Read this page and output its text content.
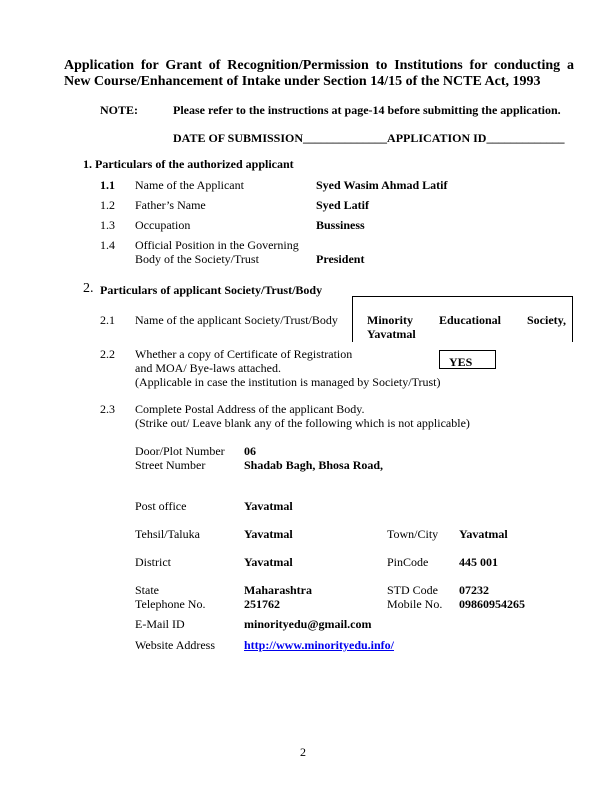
Application for Grant of Recognition/Permission to Institutions for conducting a
New Course/Enhancement of Intake under Section 14/15 of the NCTE Act, 1993
NOTE:	Please refer to the instructions at page-14 before submitting the application.
DATE OF SUBMISSION______________APPLICATION ID_____________
1. Particulars of the authorized applicant
1.1 Name of the Applicant	Syed Wasim Ahmad Latif
1.2 Father’s Name	Syed Latif
1.3 Occupation	Bussiness
1.4 Official Position in the Governing
Body of the Society/Trust	President
2. Particulars of applicant Society/Trust/Body
2.1 Name of the applicant Society/Trust/Body Minority Educational Society,
Yavatmal
2.2 Whether a copy of Certificate of Registration
and MOA/ Bye-laws attached.
(Applicable in case the institution is managed by Society/Trust)
YES
2.3 Complete Postal Address of the applicant Body.
(Strike out/ Leave blank any of the following which is not applicable)
Door/Plot Number 06
Street Number	Shadab Bagh, Bhosa Road,
Post office	Yavatmal
Tehsil/Taluka	Yavatmal	Town/City Yavatmal
District	Yavatmal	PinCode	445 001
State	Maharashtra	STD Code 07232
Telephone No.	251762	Mobile No. 09860954265
E-Mail ID	minorityedu@gmail.com
Website Address http://www.minorityedu.info/
2
